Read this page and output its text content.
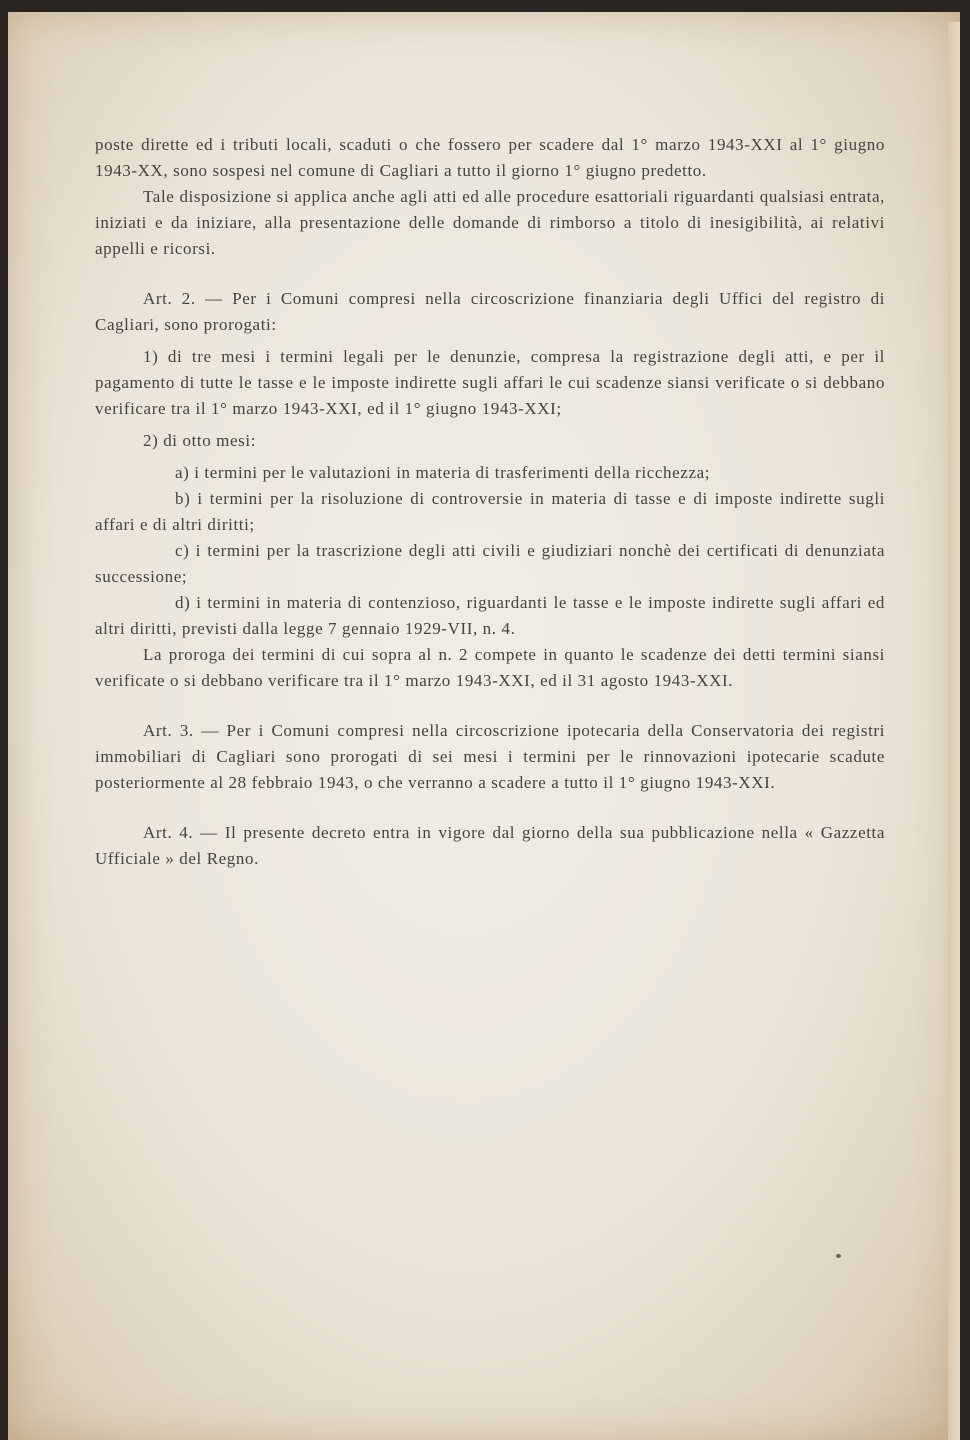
poste dirette ed i tributi locali, scaduti o che fossero per scadere dal 1° marzo 1943-XXI al 1° giugno 1943-XX, sono sospesi nel comune di Cagliari a tutto il giorno 1° giugno predetto.

Tale disposizione si applica anche agli atti ed alle procedure esattoriali riguardanti qualsiasi entrata, iniziati e da iniziare, alla presentazione delle domande di rimborso a titolo di inesigibilità, ai relativi appelli e ricorsi.

Art. 2. — Per i Comuni compresi nella circoscrizione finanziaria degli Uffici del registro di Cagliari, sono prorogati:

1) di tre mesi i termini legali per le denunzie, compresa la registrazione degli atti, e per il pagamento di tutte le tasse e le imposte indirette sugli affari le cui scadenze siansi verificate o si debbano verificare tra il 1° marzo 1943-XXI, ed il 1° giugno 1943-XXI;

2) di otto mesi:

a) i termini per le valutazioni in materia di trasferimenti della ricchezza;

b) i termini per la risoluzione di controversie in materia di tasse e di imposte indirette sugli affari e di altri diritti;

c) i termini per la trascrizione degli atti civili e giudiziari nonchè dei certificati di denunziata successione;

d) i termini in materia di contenzioso, riguardanti le tasse e le imposte indirette sugli affari ed altri diritti, previsti dalla legge 7 gennaio 1929-VII, n. 4.

La proroga dei termini di cui sopra al n. 2 compete in quanto le scadenze dei detti termini siansi verificate o si debbano verificare tra il 1° marzo 1943-XXI, ed il 31 agosto 1943-XXI.

Art. 3. — Per i Comuni compresi nella circoscrizione ipotecaria della Conservatoria dei registri immobiliari di Cagliari sono prorogati di sei mesi i termini per le rinnovazioni ipotecarie scadute posteriormente al 28 febbraio 1943, o che verranno a scadere a tutto il 1° giugno 1943-XXI.

Art. 4. — Il presente decreto entra in vigore dal giorno della sua pubblicazione nella « Gazzetta Ufficiale » del Regno.
